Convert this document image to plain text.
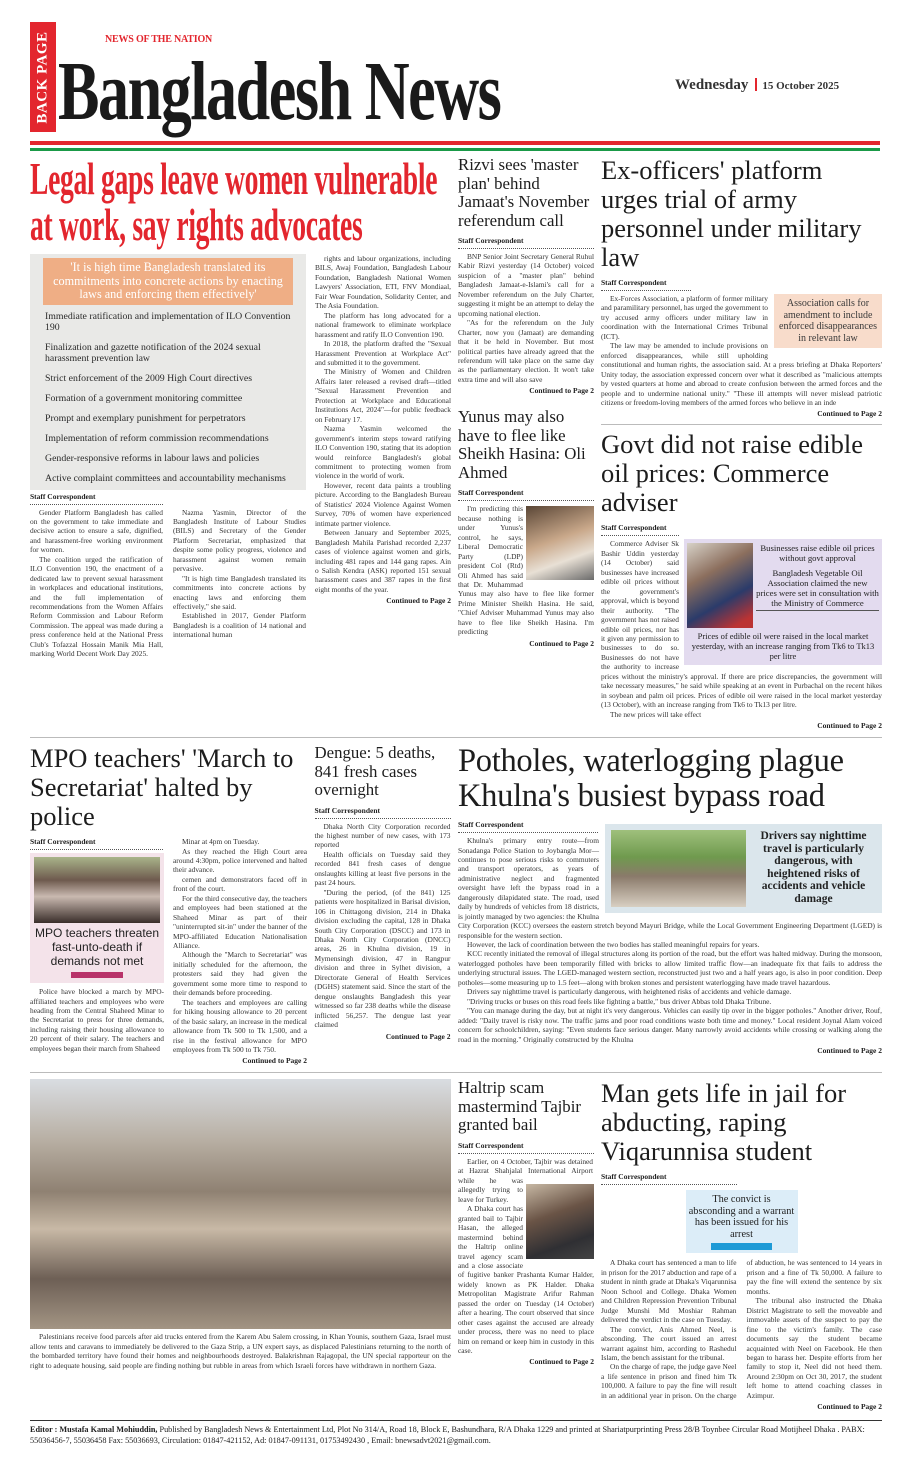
BACK PAGE	NEWS OF THE NATION
Bangladesh News	Wednesday 15 October 2025
Legal gaps leave women vulnerable at work, say rights advocates
'It is high time Bangladesh translated its commitments into concrete actions by enacting laws and enforcing them effectively'
Immediate ratification and implementation of ILO Convention 190
Finalization and gazette notification of the 2024 sexual harassment prevention law
Strict enforcement of the 2009 High Court directives
Formation of a government monitoring committee
Prompt and exemplary punishment for perpetrators
Implementation of reform commission recommendations
Gender-responsive reforms in labour laws and policies
Active complaint committees and accountability mechanisms
Staff Correspondent

Gender Platform Bangladesh has called on the government to take immediate and decisive action to ensure a safe, dignified, and harassment-free working environment for women.

The coalition urged the ratification of ILO Convention 190, the enactment of a dedicated law to prevent sexual harassment in workplaces and educational institutions, and the full implementation of recommendations from the Women Affairs Reform Commission and Labour Reform Commission. The appeal was made during a press conference held at the National Press Club's Tofazzal Hossain Manik Mia Hall, marking World Decent Work Day 2025.

Nazma Yasmin, Director of the Bangladesh Institute of Labour Studies (BILS) and Secretary of the Gender Platform Secretariat, emphasized that despite some policy progress, violence and harassment against women remain pervasive.

"It is high time Bangladesh translated its commitments into concrete actions by enacting laws and enforcing them effectively," she said.

Established in 2017, Gender Platform Bangladesh is a coalition of 14 national and international human

rights and labour organizations, including BILS, Awaj Foundation, Bangladesh Labour Foundation, Bangladesh National Women Lawyers' Association, ETI, FNV Mondiaal, Fair Wear Foundation, Solidarity Center, and The Asia Foundation.

The platform has long advocated for a national framework to eliminate workplace harassment and ratify ILO Convention 190.

In 2018, the platform drafted the "Sexual Harassment Prevention at Workplace Act" and submitted it to the government.

The Ministry of Women and Children Affairs later released a revised draft—titled "Sexual Harassment Prevention and Protection at Workplace and Educational Institutions Act, 2024"—for public feedback on February 17.

Nazma Yasmin welcomed the government's interim steps toward ratifying ILO Convention 190, stating that its adoption would reinforce Bangladesh's global commitment to protecting women from violence in the world of work.

However, recent data paints a troubling picture. According to the Bangladesh Bureau of Statistics' 2024 Violence Against Women Survey, 70% of women have experienced intimate partner violence.

Between January and September 2025, Bangladesh Mahila Parishad recorded 2,237 cases of violence against women and girls, including 481 rapes and 144 gang rapes. Ain o Salish Kendra (ASK) reported 151 sexual harassment cases and 387 rapes in the first eight months of the year.

Continued to Page 2
Rizvi sees 'master plan' behind Jamaat's November referendum call
Staff Correspondent

BNP Senior Joint Secretary General Ruhul Kabir Rizvi yesterday (14 October) voiced suspicion of a "master plan" behind Bangladesh Jamaat-e-Islami's call for a November referendum on the July Charter, suggesting it might be an attempt to delay the upcoming national election.

"As for the referendum on the July Charter, now you (Jamaat) are demanding that it be held in November. But most political parties have already agreed that the referendum will take place on the same day as the parliamentary election. It won't take extra time and will also save

Continued to Page 2
Yunus may also have to flee like Sheikh Hasina: Oli Ahmed
Staff Correspondent

I'm predicting this because nothing is under Yunus's control, he says, Liberal Democratic Party (LDP) president Col (Rtd) Oli Ahmed has said that Dr. Muhammad Yunus may also have to flee like former Prime Minister Sheikh Hasina. He said, "Chief Adviser Muhammad Yunus may also have to flee like Sheikh Hasina. I'm predicting

Continued to Page 2
Ex-officers' platform urges trial of army personnel under military law
Staff Correspondent
Association calls for amendment to include enforced disappearances in relevant law

Ex-Forces Association, a platform of former military and paramilitary personnel, has urged the government to try accused army officers under military law in coordination with the International Crimes Tribunal (ICT).

The law may be amended to include provisions on enforced disappearances, while still upholding constitutional and human rights, the association said. At a press briefing at Dhaka Reporters' Unity today, the association expressed concern over what it described as "malicious attempts by vested quarters at home and abroad to create confusion between the armed forces and the people and to undermine national unity." "These ill attempts will never mislead patriotic citizens or freedom-loving members of the armed forces who believe in an inde

Continued to Page 2
Govt did not raise edible oil prices: Commerce adviser
Staff Correspondent
Businesses raise edible oil prices without govt approval
Bangladesh Vegetable Oil Association claimed the new prices were set in consultation with the Ministry of Commerce
Prices of edible oil were raised in the local market yesterday, with an increase ranging from Tk6 to Tk13 per litre

Commerce Adviser Sk Bashir Uddin yesterday (14 October) said businesses have increased edible oil prices without the government's approval, which is beyond their authority. "The government has not raised edible oil prices, nor has it given any permission to businesses to do so. Businesses do not have the authority to increase prices without the ministry's approval. If there are price discrepancies, the government will take necessary measures," he said while speaking at an event in Purbachal on the recent hikes in soybean and palm oil prices. Prices of edible oil were raised in the local market yesterday (13 October), with an increase ranging from Tk6 to Tk13 per litre.

The new prices will take effect

Continued to Page 2
MPO teachers' 'March to Secretariat' halted by police
Staff Correspondent
MPO teachers threaten fast-unto-death if demands not met

Police have blocked a march by MPO-affiliated teachers and employees who were heading from the Central Shaheed Minar to the Secretariat to press for three demands, including raising their housing allowance to 20 percent of their salary. The teachers and employees began their march from Shaheed

Minar at 4pm on Tuesday.

As they reached the High Court area around 4:30pm, police intervened and halted their advance.

cemen and demonstrators faced off in front of the court.

For the third consecutive day, the teachers and employees had been stationed at the Shaheed Minar as part of their "uninterrupted sit-in" under the banner of the MPO-affiliated Education Nationalisation Alliance.

Although the "March to Secretariat" was initially scheduled for the afternoon, the protesters said they had given the government some more time to respond to their demands before proceeding.

The teachers and employees are calling for hiking housing allowance to 20 percent of the basic salary, an increase in the medical allowance from Tk 500 to Tk 1,500, and a rise in the festival allowance for MPO employees from Tk 500 to Tk 750.

Continued to Page 2
Dengue: 5 deaths, 841 fresh cases overnight
Staff Correspondent

Dhaka North City Corporation recorded the highest number of new cases, with 173 reported

Health officials on Tuesday said they recorded 841 fresh cases of dengue onslaughts killing at least five persons in the past 24 hours.

"During the period, (of the 841) 125 patients were hospitalized in Barisal division, 106 in Chittagong division, 214 in Dhaka division excluding the capital, 128 in Dhaka South City Corporation (DSCC) and 173 in Dhaka North City Corporation (DNCC) areas, 26 in Khulna division, 19 in Mymensingh division, 47 in Rangpur division and three in Sylhet division, a Directorate General of Health Services (DGHS) statement said. Since the start of the dengue onslaughts Bangladesh this year witnessed so far 238 deaths while the disease inflicted 56,257. The dengue last year claimed

Continued to Page 2
Potholes, waterlogging plague Khulna's busiest bypass road
Staff Correspondent
Drivers say nighttime travel is particularly dangerous, with heightened risks of accidents and vehicle damage

Khulna's primary entry route—from Sonadanga Police Station to Joybangla Mor—continues to pose serious risks to commuters and transport operators, as years of administrative neglect and fragmented oversight have left the bypass road in a dangerously dilapidated state. The road, used daily by hundreds of vehicles from 18 districts, is jointly managed by two agencies: the Khulna City Corporation (KCC) oversees the eastern stretch beyond Mayuri Bridge, while the Local Government Engineering Department (LGED) is responsible for the western section.

However, the lack of coordination between the two bodies has stalled meaningful repairs for years.

KCC recently initiated the removal of illegal structures along its portion of the road, but the effort was halted midway. During the monsoon, waterlogged potholes have been temporarily filled with bricks to allow limited traffic flow—an inadequate fix that fails to address the underlying structural issues. The LGED-managed western section, reconstructed just two and a half years ago, is also in poor condition. Deep potholes—some measuring up to 1.5 feet—along with broken stones and persistent waterlogging have made travel hazardous.

Drivers say nighttime travel is particularly dangerous, with heightened risks of accidents and vehicle damage.

"Driving trucks or buses on this road feels like fighting a battle," bus driver Abbas told Dhaka Tribune.

"You can manage during the day, but at night it's very dangerous. Vehicles can easily tip over in the bigger potholes." Another driver, Rouf, added: "Daily travel is risky now. The traffic jams and poor road conditions waste both time and money." Local resident Joynal Alam voiced concern for schoolchildren, saying: "Even students face serious danger. Many narrowly avoid accidents while crossing or walking along the road in the morning." Originally constructed by the Khulna

Continued to Page 2

Palestinians receive food parcels after aid trucks entered from the Karem Abu Salem crossing, in Khan Younis, southern Gaza, Israel must allow tents and caravans to immediately be delivered to the Gaza Strip, a UN expert says, as displaced Palestinians returning to the north of the bombarded territory have found their homes and neighbourhoods destroyed. Balakrishnan Rajagopal, the UN special rapporteur on the right to adequate housing, said people are finding nothing but rubble in areas from which Israeli forces have withdrawn in northern Gaza.

Haltrip scam mastermind Tajbir granted bail
Staff Correspondent

Earlier, on 4 October, Tajbir was detained at Hazrat Shahjalal International Airport while he was allegedly trying to leave for Turkey.

A Dhaka court has granted bail to Tajbir Hasan, the alleged mastermind behind the Haltrip online travel agency scam and a close associate of fugitive banker Prashanta Kumar Halder, widely known as PK Halder. Dhaka Metropolitan Magistrate Arifur Rahman passed the order on Tuesday (14 October) after a hearing. The court observed that since other cases against the accused are already under process, there was no need to place him on remand or keep him in custody in this case.

Continued to Page 2
Man gets life in jail for abducting, raping Viqarunnisa student
Staff Correspondent
The convict is absconding and a warrant has been issued for his arrest

A Dhaka court has sentenced a man to life in prison for the 2017 abduction and rape of a student in ninth grade at Dhaka's Viqarunnisa Noon School and College. Dhaka Women and Children Repression Prevention Tribunal Judge Munshi Md Moshiar Rahman delivered the verdict in the case on Tuesday.

The convict, Anis Ahmed Neel, is absconding. The court issued an arrest warrant against him, according to Rashedul Islam, the bench assistant for the tribunal.

On the charge of rape, the judge gave Neel a life sentence in prison and fined him Tk 100,000. A failure to pay the fine will result in an additional year in prison. On the charge of abduction, he was sentenced to 14 years in prison and a fine of Tk 50,000. A failure to pay the fine will extend the sentence by six months.

The tribunal also instructed the Dhaka District Magistrate to sell the moveable and immovable assets of the suspect to pay the fine to the victim's family. The case documents say the student became acquainted with Neel on Facebook. He then began to harass her. Despite efforts from her family to stop it, Neel did not heed them. Around 2:30pm on Oct 30, 2017, the student left home to attend coaching classes in Azimpur.

Continued to Page 2
Editor : Mustafa Kamal Mohiuddin, Published by Bangladesh News & Entertainment Ltd, Plot No 314/A, Road 18, Block E, Bashundhara, R/A Dhaka 1229 and printed at Shariatpurprinting Press 28/B Toynbee Circular Road Motijheel Dhaka . PABX: 55036456-7, 55036458 Fax: 55036693, Circulation: 01847-421152, Ad: 01847-091131, 01753492430 , Email: bnewsadvt2021@gmail.com.
